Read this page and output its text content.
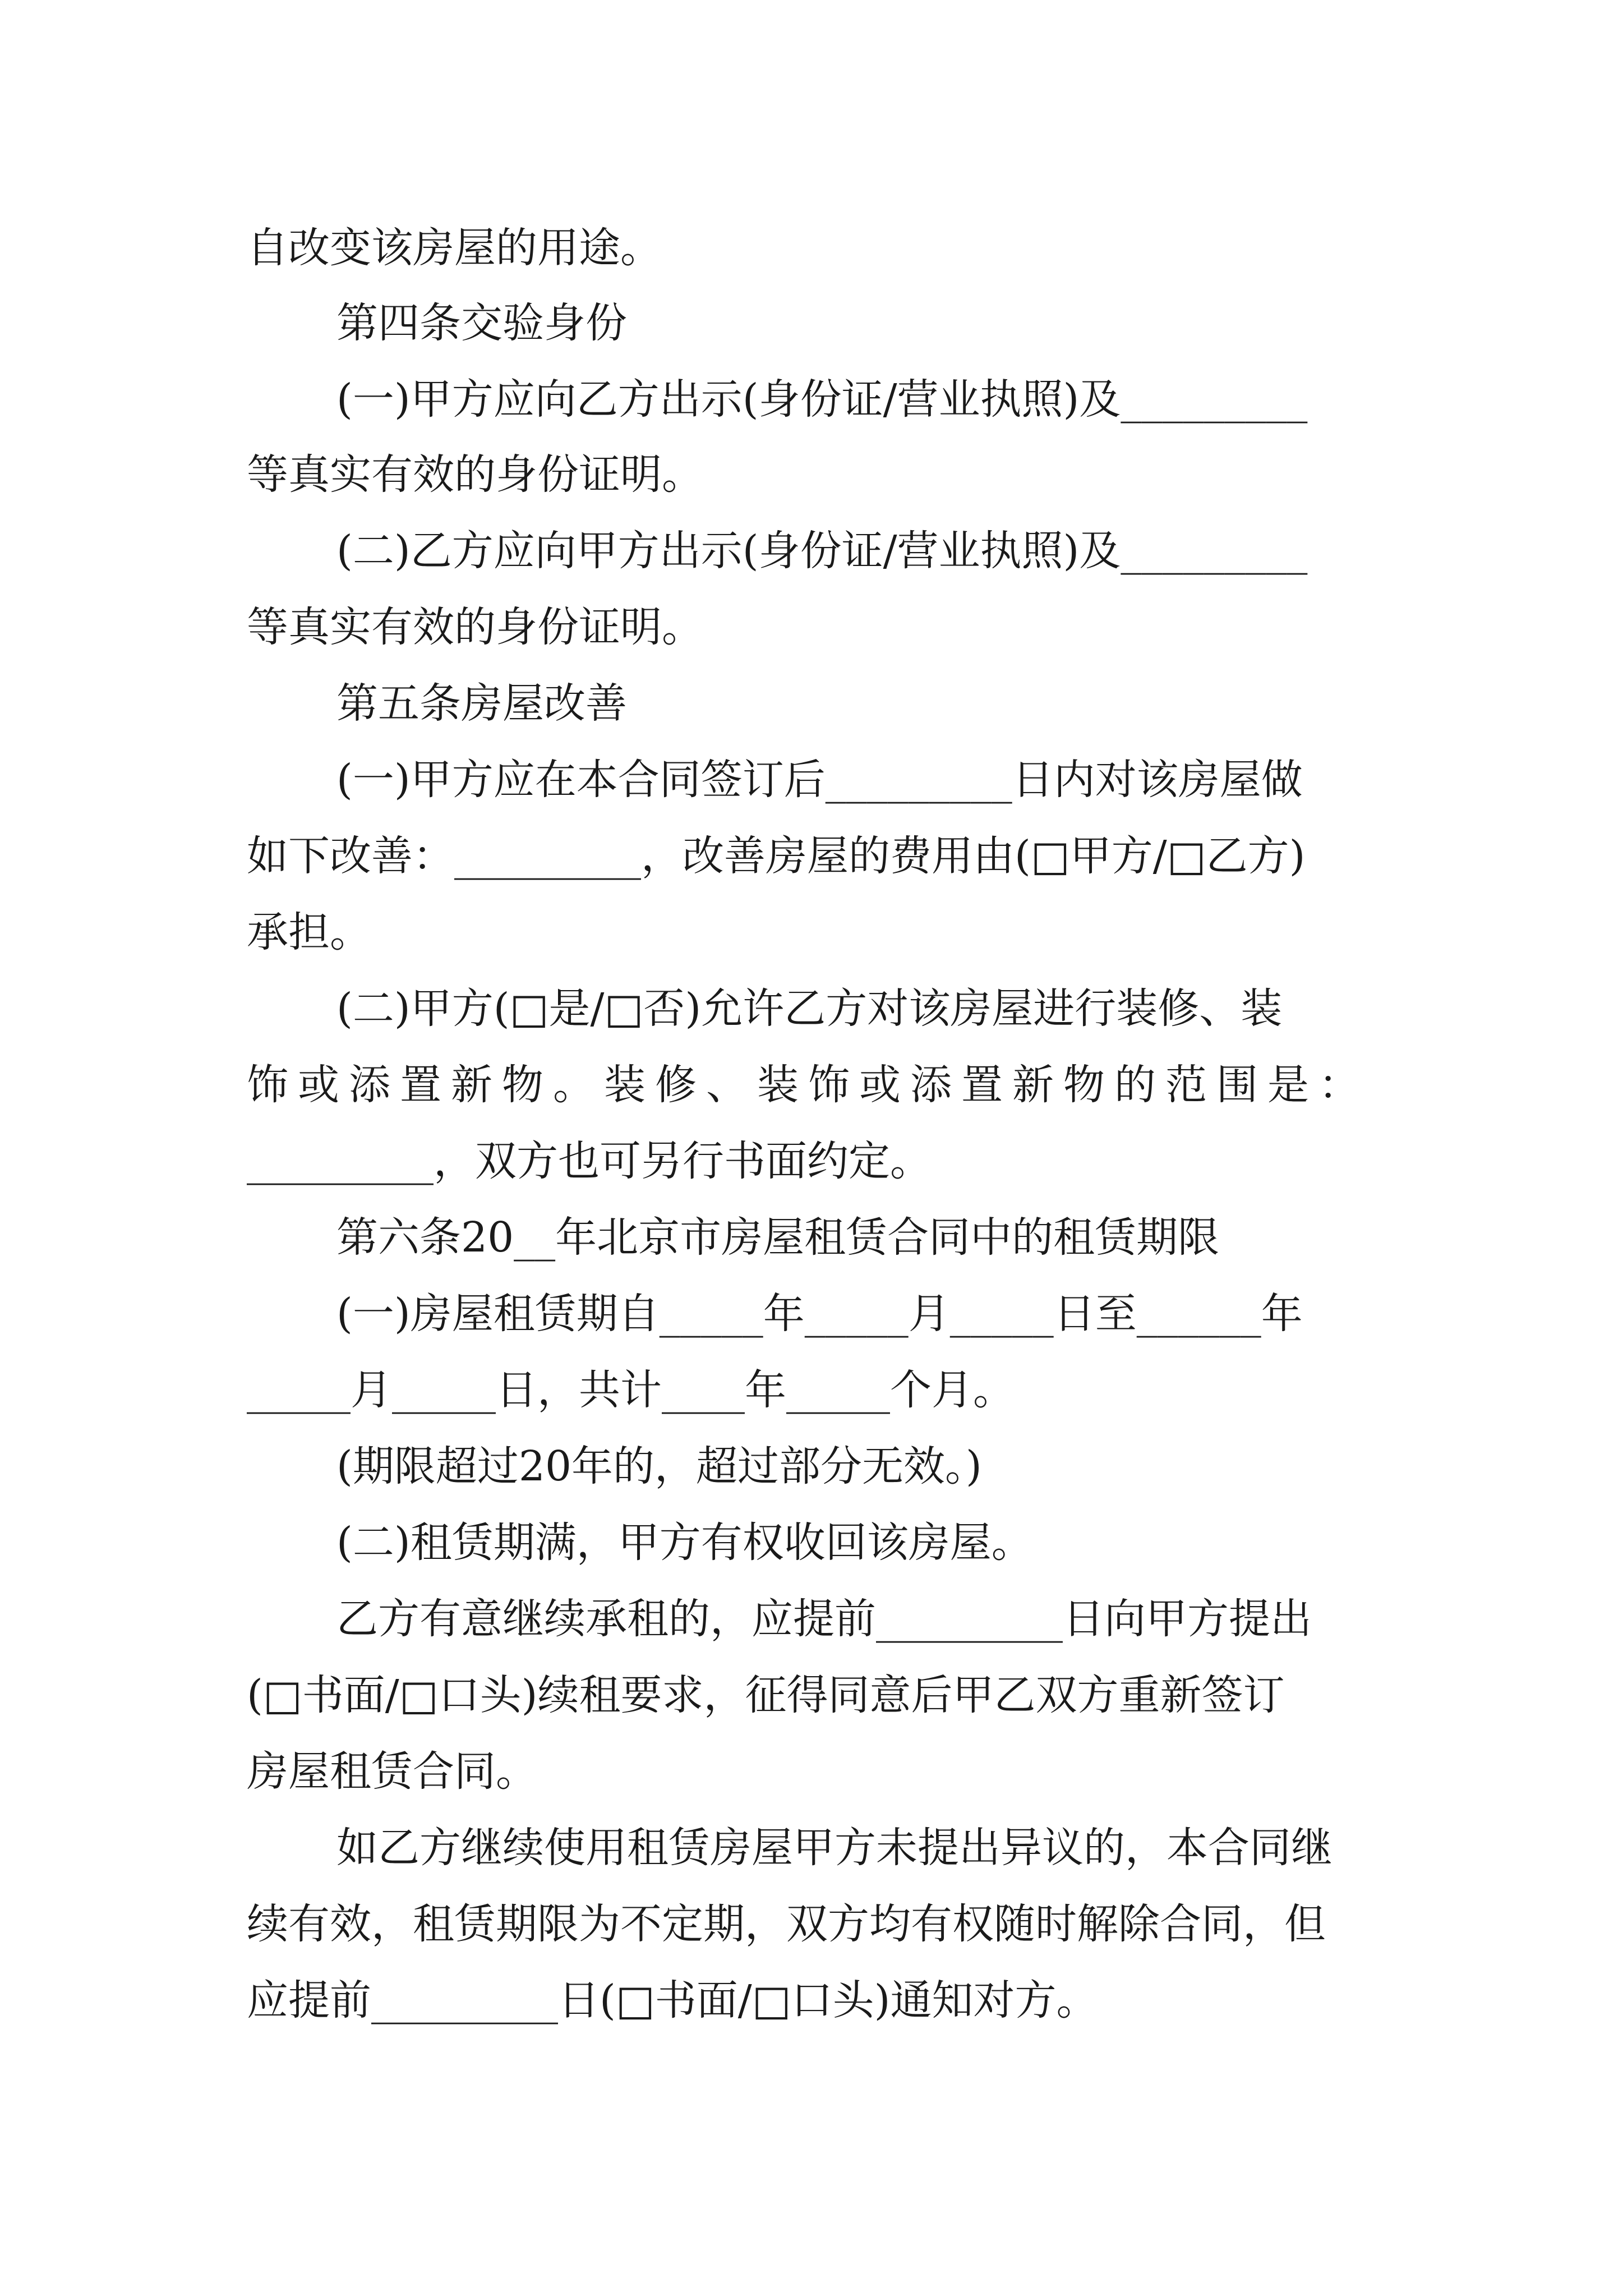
自改变该房屋的用途。
第四条交验身份
(一)甲方应向乙方出示(身份证/营业执照)及_________
等真实有效的身份证明。
(二)乙方应向甲方出示(身份证/营业执照)及_________
等真实有效的身份证明。
第五条房屋改善
(一)甲方应在本合同签订后_________日内对该房屋做
如下改善：_________，改善房屋的费用由(□甲方/□乙方)
承担。
(二)甲方(□是/□否)允许乙方对该房屋进行装修、装
饰或添置新物。装修、装饰或添置新物的范围是：
_________，双方也可另行书面约定。
第六条20__年北京市房屋租赁合同中的租赁期限
(一)房屋租赁期自_____年_____月_____日至______年
_____月_____日，共计____年_____个月。
(期限超过20年的，超过部分无效。)
(二)租赁期满，甲方有权收回该房屋。
乙方有意继续承租的，应提前_________日向甲方提出
(□书面/□口头)续租要求，征得同意后甲乙双方重新签订
房屋租赁合同。
如乙方继续使用租赁房屋甲方未提出异议的，本合同继
续有效，租赁期限为不定期，双方均有权随时解除合同，但
应提前_________日(□书面/□口头)通知对方。
